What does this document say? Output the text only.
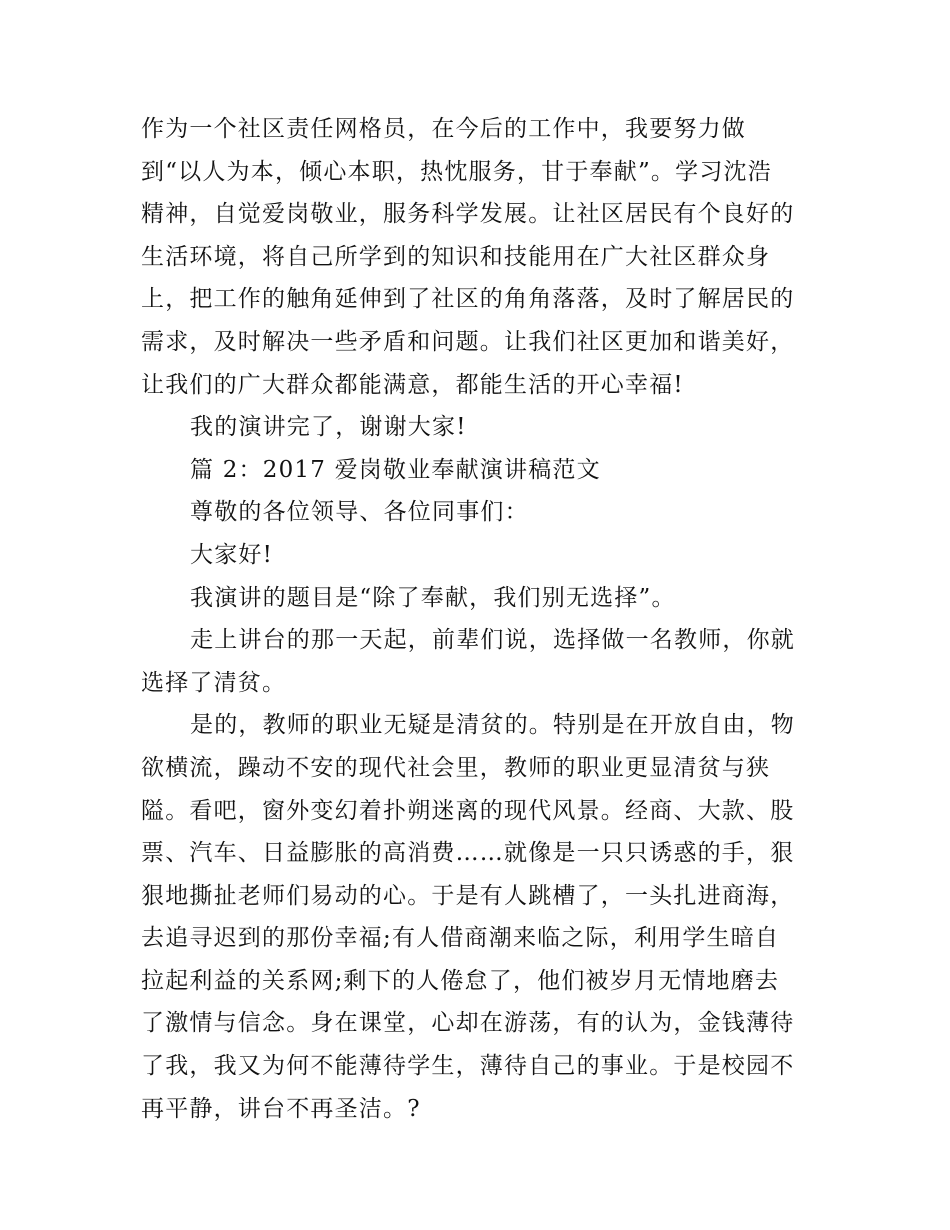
作为一个社区责任网格员，在今后的工作中，我要努力做
到“以人为本，倾心本职，热忱服务，甘于奉献”。学习沈浩
精神，自觉爱岗敬业，服务科学发展。让社区居民有个良好的
生活环境，将自己所学到的知识和技能用在广大社区群众身
上，把工作的触角延伸到了社区的角角落落，及时了解居民的
需求，及时解决一些矛盾和问题。让我们社区更加和谐美好，
让我们的广大群众都能满意，都能生活的开心幸福!
我的演讲完了，谢谢大家!
篇 2：2017 爱岗敬业奉献演讲稿范文
尊敬的各位领导、各位同事们：
大家好!
我演讲的题目是“除了奉献，我们别无选择”。
走上讲台的那一天起，前辈们说，选择做一名教师，你就
选择了清贫。
是的，教师的职业无疑是清贫的。特别是在开放自由，物
欲横流，躁动不安的现代社会里，教师的职业更显清贫与狭
隘。看吧，窗外变幻着扑朔迷离的现代风景。经商、大款、股
票、汽车、日益膨胀的高消费……就像是一只只诱惑的手，狠
狠地撕扯老师们易动的心。于是有人跳槽了，一头扎进商海，
去追寻迟到的那份幸福;有人借商潮来临之际，利用学生暗自
拉起利益的关系网;剩下的人倦怠了，他们被岁月无情地磨去
了激情与信念。身在课堂，心却在游荡，有的认为，金钱薄待
了我，我又为何不能薄待学生，薄待自己的事业。于是校园不
再平静，讲台不再圣洁。?
